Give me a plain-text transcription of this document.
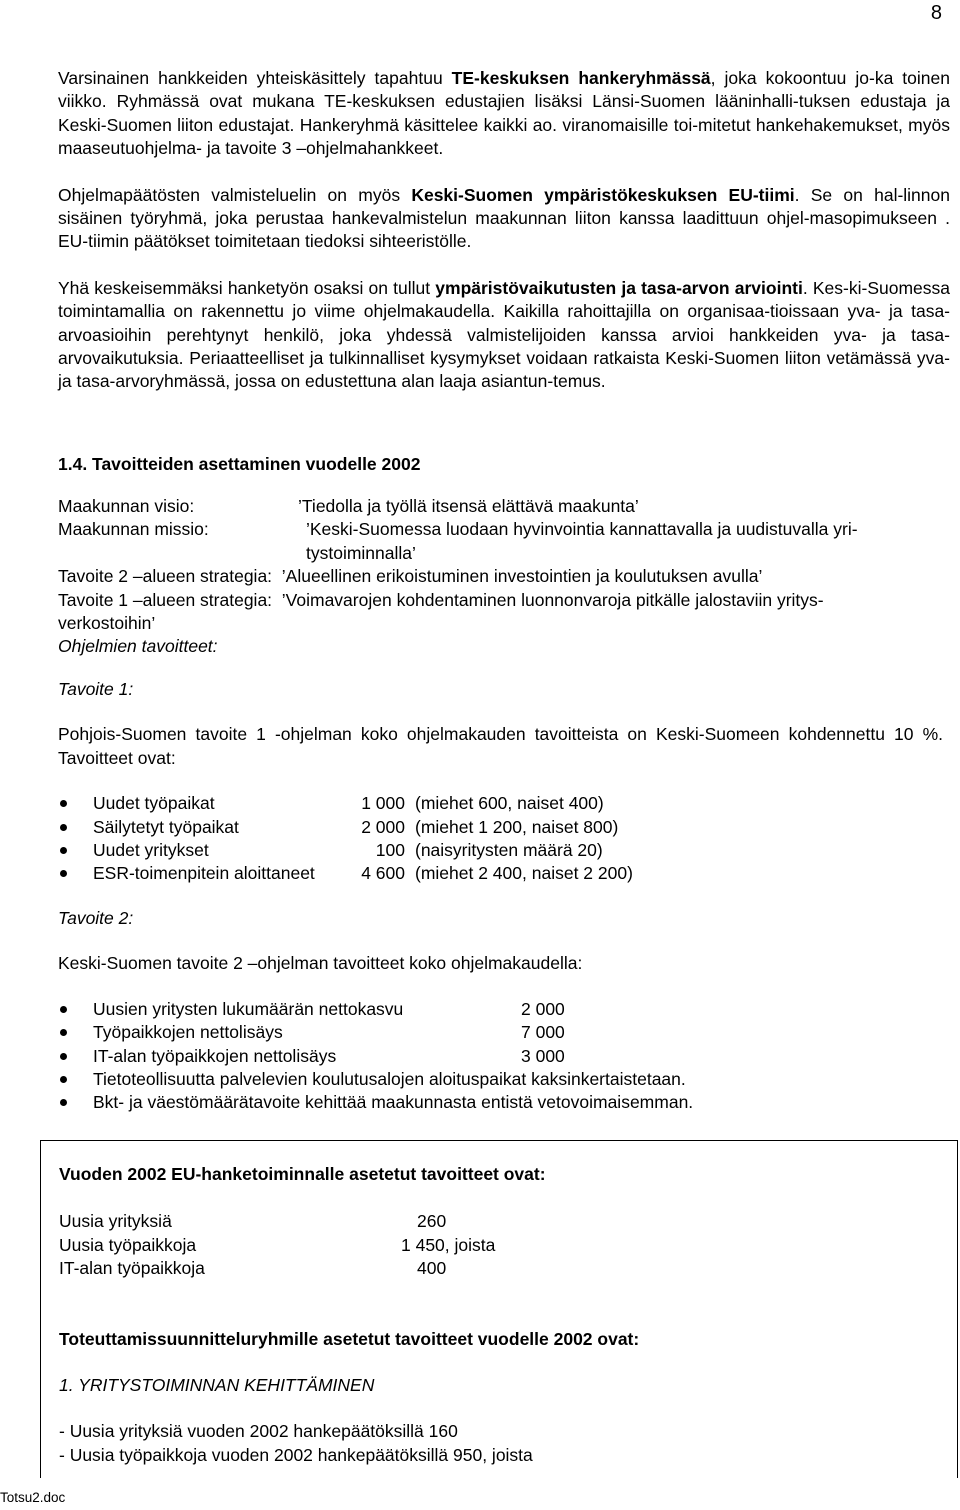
8

Varsinainen hankkeiden yhteiskäsittely tapahtuu TE-keskuksen hankeryhmässä, joka kokoontuu jo-ka toinen viikko. Ryhmässä ovat mukana TE-keskuksen edustajien lisäksi Länsi-Suomen lääninhalli-tuksen edustaja ja Keski-Suomen liiton edustajat. Hankeryhmä käsittelee kaikki ao. viranomaisille toi-mitetut hankehakemukset, myös maaseutuohjelma- ja tavoite 3 –ohjelmahankkeet.

Ohjelmapäätösten valmisteluelin on myös Keski-Suomen ympäristökeskuksen EU-tiimi. Se on hal-linnon sisäinen työryhmä, joka perustaa hankevalmistelun maakunnan liiton kanssa laadittuun ohjel-masopimukseen . EU-tiimin päätökset toimitetaan tiedoksi sihteeristölle.

Yhä keskeisemmäksi hanketyön osaksi on tullut ympäristövaikutusten ja tasa-arvon arviointi. Kes-ki-Suomessa toimintamallia on rakennettu jo viime ohjelmakaudella. Kaikilla rahoittajilla on organisaa-tioissaan yva- ja tasa-arvoasioihin perehtynyt henkilö, joka yhdessä valmistelijoiden kanssa arvioi hankkeiden yva- ja tasa-arvovaikutuksia. Periaatteelliset ja tulkinnalliset kysymykset voidaan ratkaista Keski-Suomen liiton vetämässä yva- ja tasa-arvoryhmässä, jossa on edustettuna alan laaja asiantun-temus.

1.4. Tavoitteiden asettaminen vuodelle 2002

Maakunnan visio:	’Tiedolla ja työllä itsensä elättävä maakunta’
Maakunnan missio:	’Keski-Suomessa luodaan hyvinvointia kannattavalla ja uudistuvalla yri-tystoiminnalla’
Tavoite 2 –alueen strategia: ’Alueellinen erikoistuminen investointien ja koulutuksen avulla’
Tavoite 1 –alueen strategia: ’Voimavarojen kohdentaminen luonnonvaroja pitkälle jalostaviin yritys-verkostoihin’
Ohjelmien tavoitteet:
Tavoite 1:

Pohjois-Suomen tavoite 1 -ohjelman koko ohjelmakauden tavoitteista on Keski-Suomeen kohdennettu 10 %. Tavoitteet ovat:

Uudet työpaikat	1 000 (miehet 600, naiset 400)
Säilytetyt työpaikat	2 000 (miehet 1 200, naiset 800)
Uudet yritykset	100 (naisyritysten määrä 20)
ESR-toimenpitein aloittaneet	4 600 (miehet 2 400, naiset 2 200)
Tavoite 2:
Keski-Suomen tavoite 2 –ohjelman tavoitteet koko ohjelmakaudella:
Uusien yritysten lukumäärän nettokasvu	2 000
Työpaikkojen nettolisäys	7 000
IT-alan työpaikkojen nettolisäys	3 000
Tietoteollisuutta palvelevien koulutusalojen aloituspaikat kaksinkertaistetaan.
Bkt- ja väestömäärätavoite kehittää maakunnasta entistä vetovoimaisemman.
Vuoden 2002 EU-hanketoiminnalle asetetut tavoitteet ovat:
Uusia yrityksiä	260
Uusia työpaikkoja	1 450, joista
IT-alan työpaikkoja	400
Toteuttamissuunnitteluryhmille asetetut tavoitteet vuodelle 2002 ovat:
1. YRITYSTOIMINNAN KEHITTÄMINEN
- Uusia yrityksiä vuoden 2002 hankepäätöksillä 160
- Uusia työpaikkoja vuoden 2002 hankepäätöksillä 950, joista
Totsu2.doc
